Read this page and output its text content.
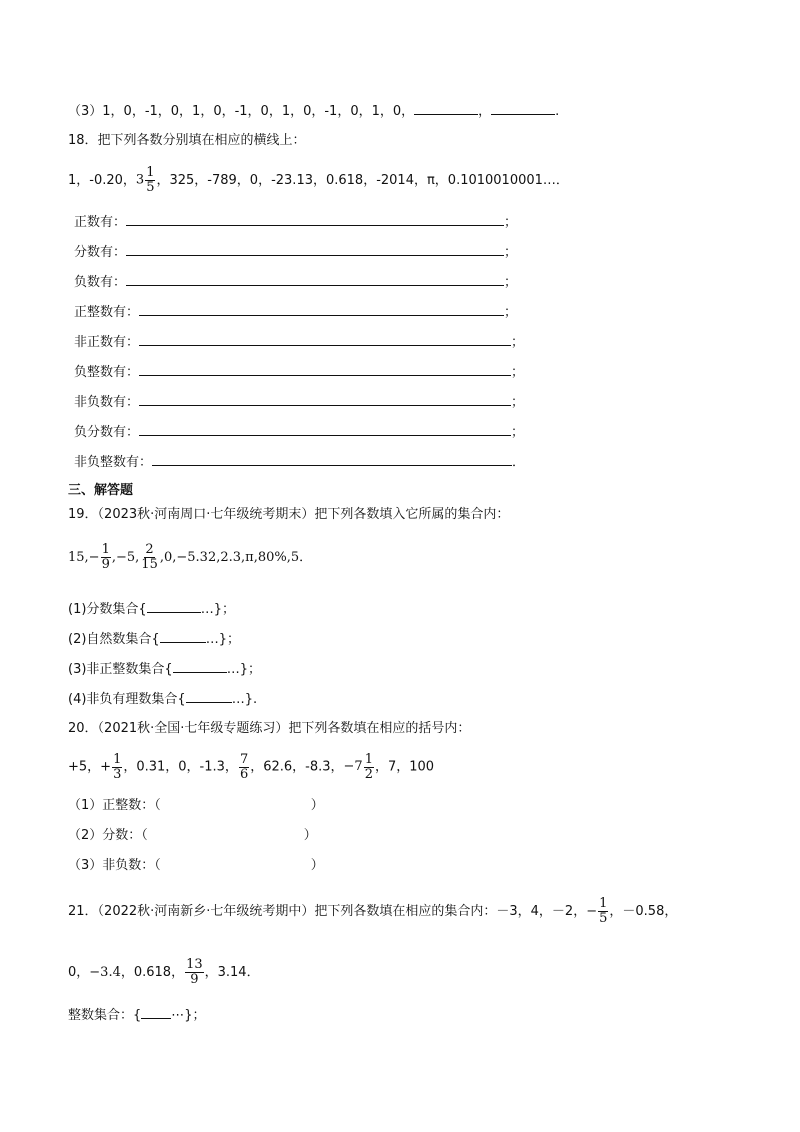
（3）1，0，-1，0，1，0，-1，0，1，0，-1，0，1，0，	，	.
18．把下列各数分别填在相应的横线上：
1，-0.20，$3 \frac{1}{5}$ ，325，-789，0，-23.13，0.618，-2014，π，0.1010010001…．
正数有：	；
分数有：	；
负数有：	；
正整数有：	；
非正数有：	；
负整数有：	；
非负数有：	；
负分数有：	；
非负整数有：	．
三、解答题
19．（2023秋·河南周口·七年级统考期末）把下列各数填入它所属的集合内：
$15,- \frac{1}{9} ,-5$, $\frac{2}{15} ,0,-5.32,2.3,\pi,80\%,5$．
(1)分数集合{	…}；
(2)自然数集合{	…}；
(3)非正整数集合{	…}；
(4)非负有理数集合{	…}.
20．（2021秋·全国·七年级专题练习）把下列各数填在相应的括号内：
+5，+ $\frac{1}{3}$ ，0.31，0，-1.3， $\frac{7}{6}$ ，62.6，-8.3，$-7 \frac{1}{2}$ ，7，100
（1）正整数：（	）
（2）分数：（	）
（3）非负数：（	）
21．（2022秋·河南新乡·七年级统考期中）把下列各数填在相应的集合内：－3，4，－2，− $\frac{1}{5}$ ，－0.58，
0，−3.4̇，0.618， $\frac{13}{9}$ ，3.14．
整数集合：{ ⋯}；
